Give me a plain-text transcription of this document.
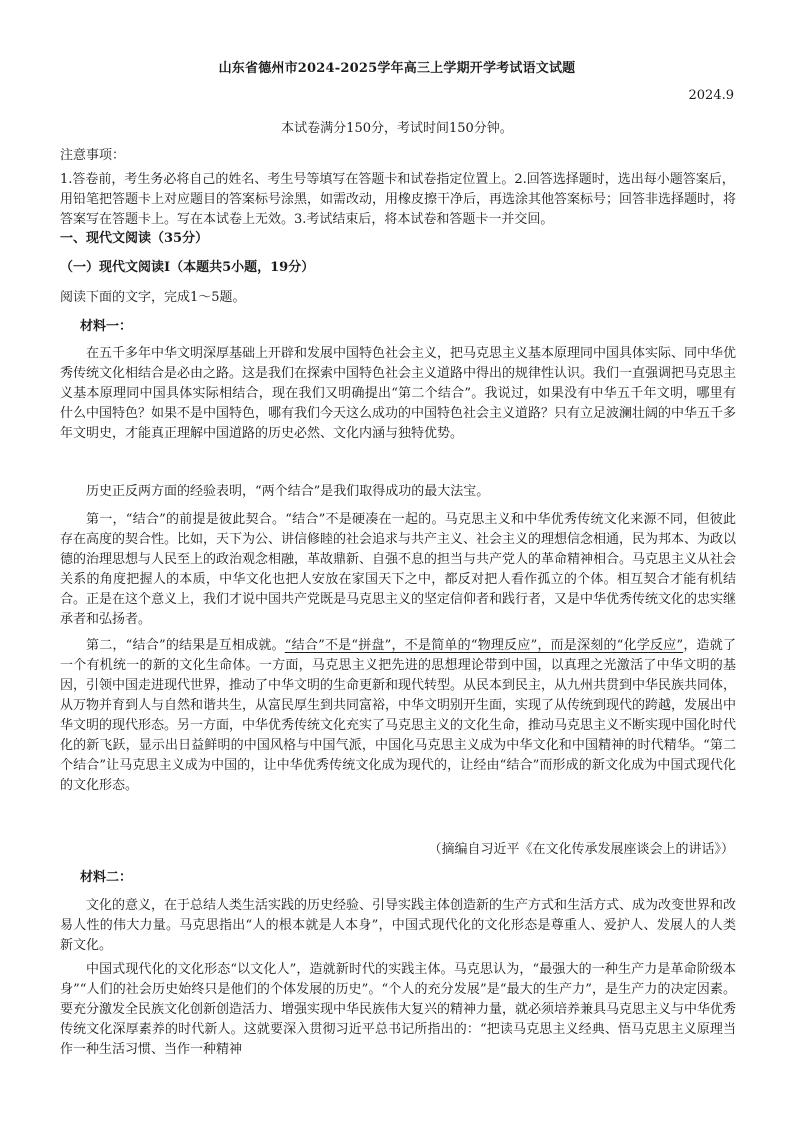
山东省德州市2024-2025学年高三上学期开学考试语文试题
2024.9
本试卷满分150分，考试时间150分钟。
注意事项：
1.答卷前，考生务必将自己的姓名、考生号等填写在答题卡和试卷指定位置上。2.回答选择题时，选出每小题答案后，用铅笔把答题卡上对应题目的答案标号涂黑，如需改动，用橡皮擦干净后，再选涂其他答案标号；回答非选择题时，将答案写在答题卡上。写在本试卷上无效。3.考试结束后，将本试卷和答题卡一并交回。
一、现代文阅读（35分）
（一）现代文阅读Ⅰ（本题共5小题，19分）
阅读下面的文字，完成1～5题。
材料一：
在五千多年中华文明深厚基础上开辟和发展中国特色社会主义，把马克思主义基本原理同中国具体实际、同中华优秀传统文化相结合是必由之路。这是我们在探索中国特色社会主义道路中得出的规律性认识。我们一直强调把马克思主义基本原理同中国具体实际相结合，现在我们又明确提出“第二个结合”。我说过，如果没有中华五千年文明，哪里有什么中国特色？如果不是中国特色，哪有我们今天这么成功的中国特色社会主义道路？只有立足波澜壮阔的中华五千多年文明史，才能真正理解中国道路的历史必然、文化内涵与独特优势。
历史正反两方面的经验表明，“两个结合”是我们取得成功的最大法宝。
第一，“结合”的前提是彼此契合。“结合”不是硬凑在一起的。马克思主义和中华优秀传统文化来源不同，但彼此存在高度的契合性。比如，天下为公、讲信修睦的社会追求与共产主义、社会主义的理想信念相通，民为邦本、为政以德的治理思想与人民至上的政治观念相融，革故鼎新、自强不息的担当与共产党人的革命精神相合。马克思主义从社会关系的角度把握人的本质，中华文化也把人安放在家国天下之中，都反对把人看作孤立的个体。相互契合才能有机结合。正是在这个意义上，我们才说中国共产党既是马克思主义的坚定信仰者和践行者，又是中华优秀传统文化的忠实继承者和弘扬者。
第二，“结合”的结果是互相成就。“结合”不是“拼盘”，不是简单的“物理反应”，而是深刻的“化学反应”，造就了一个有机统一的新的文化生命体。一方面，马克思主义把先进的思想理论带到中国，以真理之光激活了中华文明的基因，引领中国走进现代世界，推动了中华文明的生命更新和现代转型。从民本到民主，从九州共贯到中华民族共同体，从万物并育到人与自然和谐共生，从富民厚生到共同富裕，中华文明别开生面，实现了从传统到现代的跨越，发展出中华文明的现代形态。另一方面，中华优秀传统文化充实了马克思主义的文化生命，推动马克思主义不断实现中国化时代化的新飞跃，显示出日益鲜明的中国风格与中国气派，中国化马克思主义成为中华文化和中国精神的时代精华。“第二个结合”让马克思主义成为中国的，让中华优秀传统文化成为现代的，让经由“结合”而形成的新文化成为中国式现代化的文化形态。
（摘编自习近平《在文化传承发展座谈会上的讲话》）
材料二：
文化的意义，在于总结人类生活实践的历史经验、引导实践主体创造新的生产方式和生活方式、成为改变世界和改易人性的伟大力量。马克思指出“人的根本就是人本身”，中国式现代化的文化形态是尊重人、爱护人、发展人的人类新文化。
中国式现代化的文化形态“以文化人”，造就新时代的实践主体。马克思认为，“最强大的一种生产力是革命阶级本身”“人们的社会历史始终只是他们的个体发展的历史”。“个人的充分发展”是“最大的生产力”，是生产力的决定因素。要充分激发全民族文化创新创造活力、增强实现中华民族伟大复兴的精神力量，就必须培养兼具马克思主义与中华优秀传统文化深厚素养的时代新人。这就要深入贯彻习近平总书记所指出的：“把读马克思主义经典、悟马克思主义原理当作一种生活习惯、当作一种精神
